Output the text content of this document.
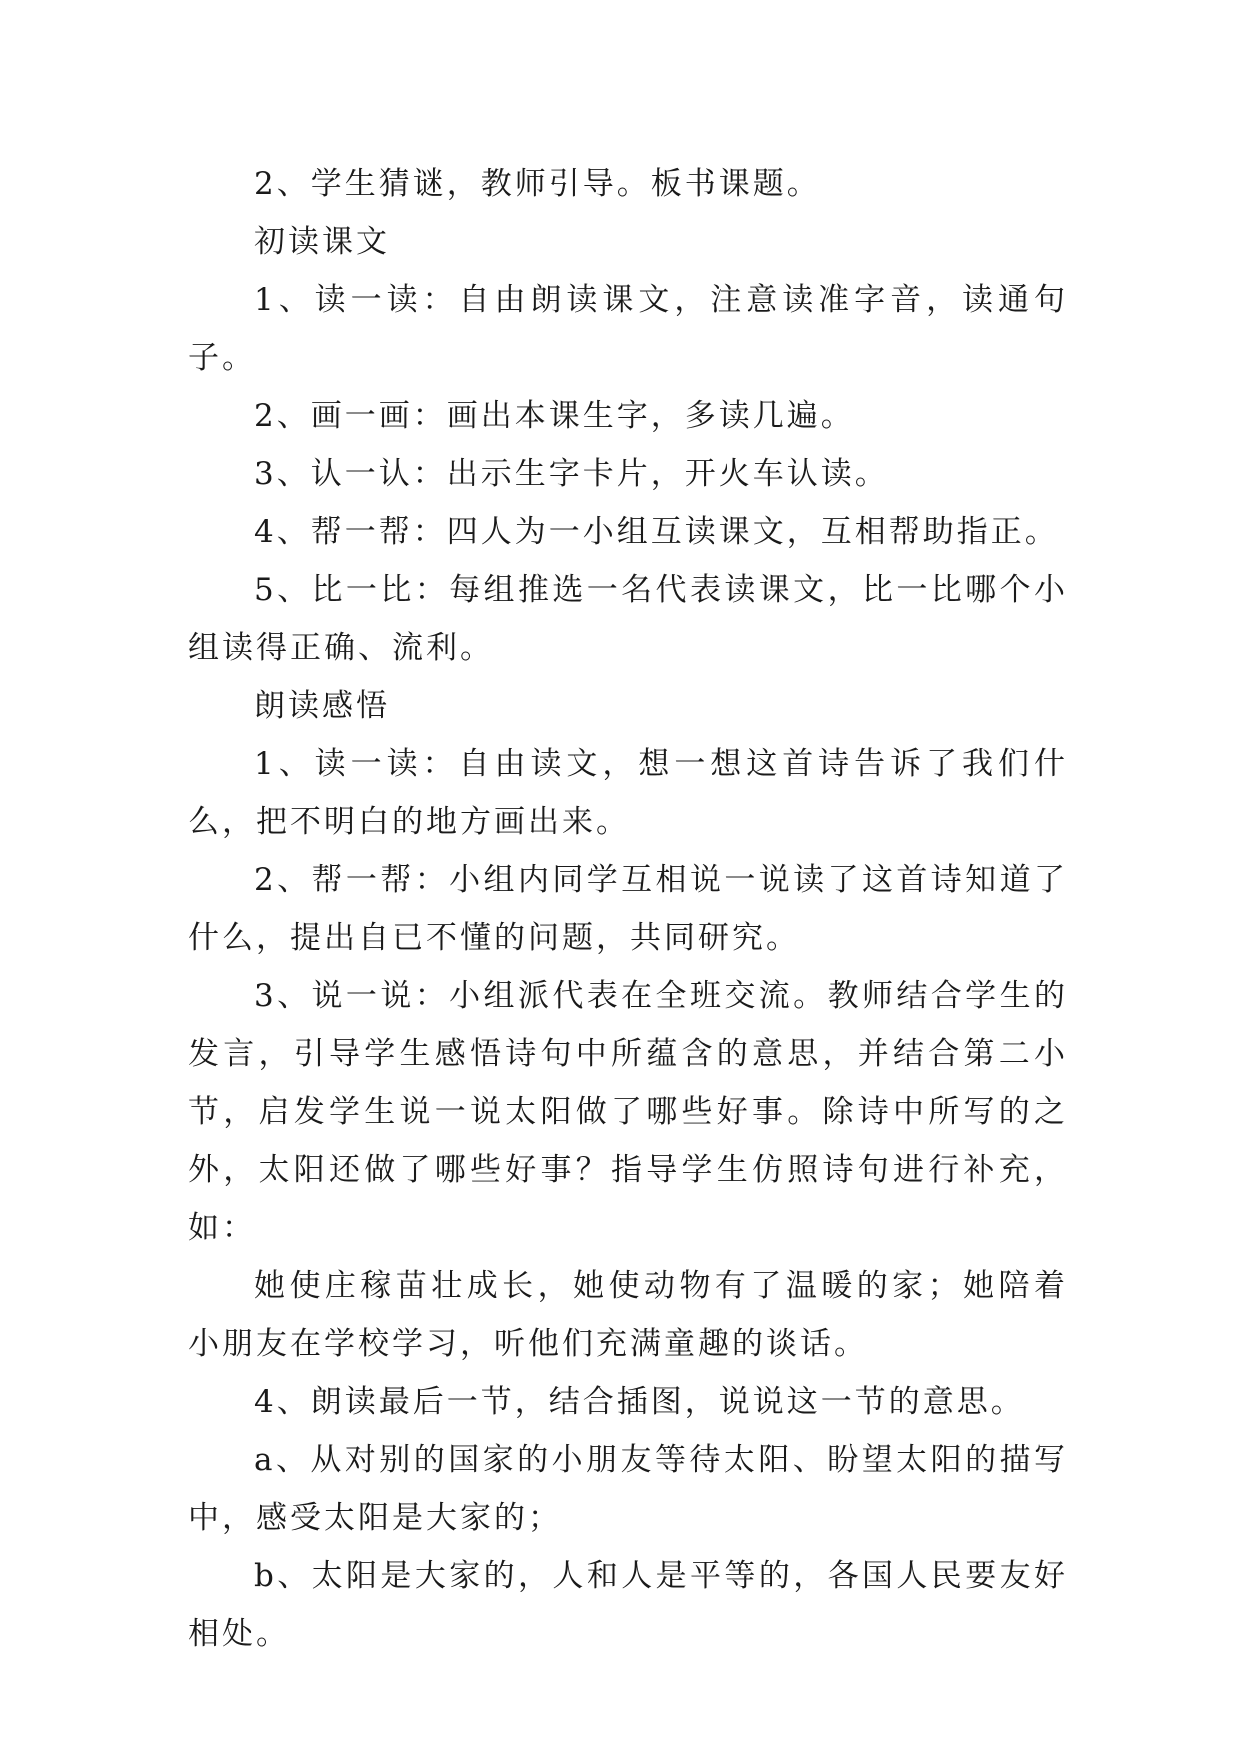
2、学生猜谜，教师引导。板书课题。

初读课文

1、读一读：自由朗读课文，注意读准字音，读通句子。

2、画一画：画出本课生字，多读几遍。

3、认一认：出示生字卡片，开火车认读。

4、帮一帮：四人为一小组互读课文，互相帮助指正。

5、比一比：每组推选一名代表读课文，比一比哪个小组读得正确、流利。

朗读感悟

1、读一读：自由读文，想一想这首诗告诉了我们什么，把不明白的地方画出来。

2、帮一帮：小组内同学互相说一说读了这首诗知道了什么，提出自已不懂的问题，共同研究。

3、说一说：小组派代表在全班交流。教师结合学生的发言，引导学生感悟诗句中所蕴含的意思，并结合第二小节，启发学生说一说太阳做了哪些好事。除诗中所写的之外，太阳还做了哪些好事？指导学生仿照诗句进行补充，如：

她使庄稼苗壮成长，她使动物有了温暖的家；她陪着小朋友在学校学习，听他们充满童趣的谈话。

4、朗读最后一节，结合插图，说说这一节的意思。

a、从对别的国家的小朋友等待太阳、盼望太阳的描写中，感受太阳是大家的；

b、太阳是大家的，人和人是平等的，各国人民要友好相处。
